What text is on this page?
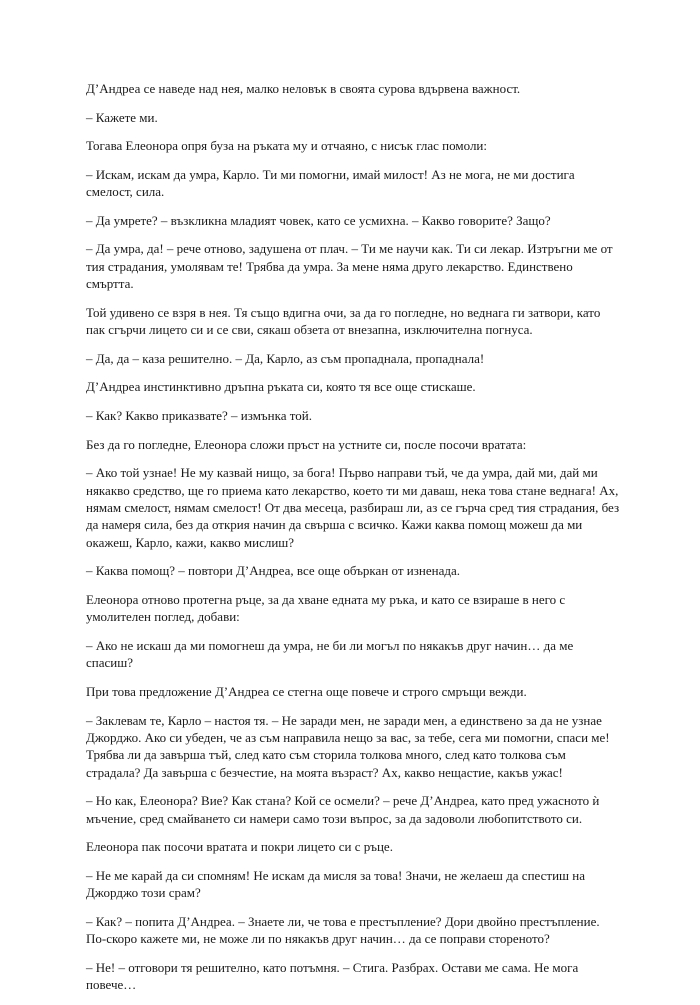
Д’Андреа се наведе над нея, малко неловък в своята сурова вдървена важност.

– Кажете ми.

Тогава Елеонора опря буза на ръката му и отчаяно, с нисък глас помоли:

– Искам, искам да умра, Карло. Ти ми помогни, имай милост! Аз не мога, не ми достига смелост, сила.

– Да умрете? – възкликна младият човек, като се усмихна. – Какво говорите? Защо?

– Да умра, да! – рече отново, задушена от плач. – Ти ме научи как. Ти си лекар. Изтръгни ме от тия страдания, умолявам те! Трябва да умра. За мене няма друго лекарство. Единствено смъртта.

Той удивено се взря в нея. Тя също вдигна очи, за да го погледне, но веднага ги затвори, като пак сгърчи лицето си и се сви, сякаш обзета от внезапна, изключителна погнуса.

– Да, да – каза решително. – Да, Карло, аз съм пропаднала, пропаднала!

Д’Андреа инстинктивно дръпна ръката си, която тя все още стискаше.

– Как? Какво приказвате? – измънка той.

Без да го погледне, Елеонора сложи пръст на устните си, после посочи вратата:

– Ако той узнае! Не му казвай нищо, за бога! Първо направи тъй, че да умра, дай ми, дай ми някакво средство, ще го приема като лекарство, което ти ми даваш, нека това стане веднага! Ах, нямам смелост, нямам смелост! От два месеца, разбираш ли, аз се гърча сред тия страдания, без да намеря сила, без да открия начин да свърша с всичко. Кажи каква помощ можеш да ми окажеш, Карло, кажи, какво мислиш?

– Каква помощ? – повтори Д’Андреа, все още объркан от изненада.

Елеонора отново протегна ръце, за да хване едната му ръка, и като се взираше в него с умолителен поглед, добави:

– Ако не искаш да ми помогнеш да умра, не би ли могъл по някакъв друг начин… да ме спасиш?

При това предложение Д’Андреа се стегна още повече и строго смръщи вежди.

– Заклевам те, Карло – настоя тя. – Не заради мен, не заради мен, а единствено за да не узнае Джорджо. Ако си убеден, че аз съм направила нещо за вас, за тебе, сега ми помогни, спаси ме! Трябва ли да завърша тъй, след като съм сторила толкова много, след като толкова съм страдала? Да завърша с безчестие, на моята възраст? Ах, какво нещастие, какъв ужас!

– Но как, Елеонора? Вие? Как стана? Кой се осмели? – рече Д’Андреа, като пред ужасното ѝ мъчение, сред смайването си намери само този въпрос, за да задоволи любопитството си.

Елеонора пак посочи вратата и покри лицето си с ръце.

– Не ме карай да си спомням! Не искам да мисля за това! Значи, не желаеш да спестиш на Джорджо този срам?

– Как? – попита Д’Андреа. – Знаете ли, че това е престъпление? Дори двойно престъпление. По-скоро кажете ми, не може ли по някакъв друг начин… да се поправи стореното?

– Не! – отговори тя решително, като потъмня. – Стига. Разбрах. Остави ме сама. Не мога повече…
